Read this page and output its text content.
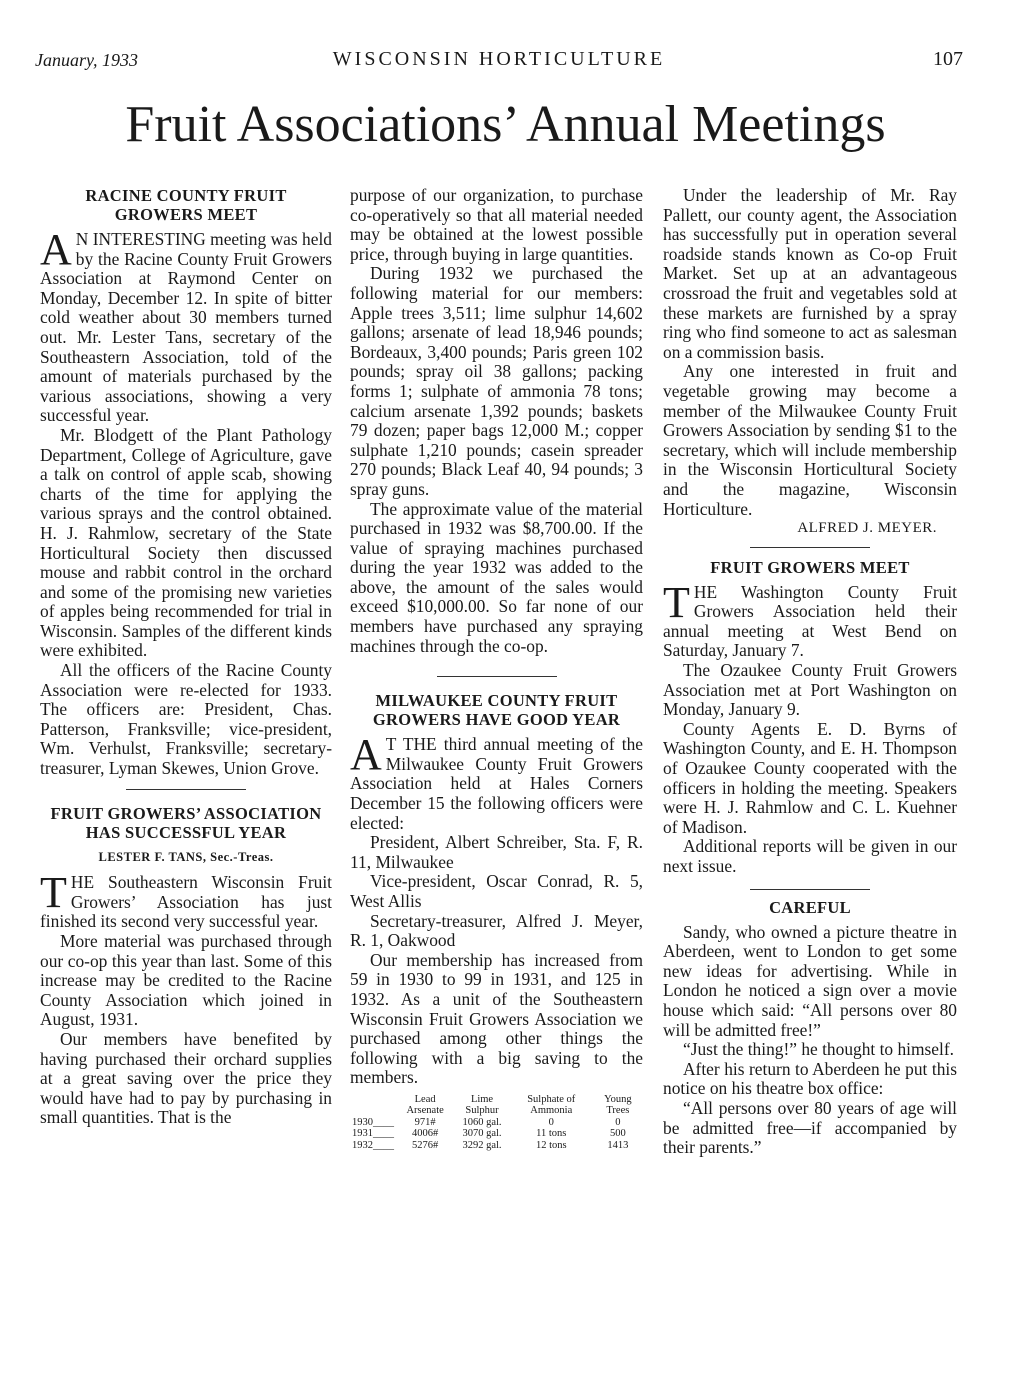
January, 1933	WISCONSIN HORTICULTURE	107
Fruit Associations’ Annual Meetings
RACINE COUNTY FRUIT GROWERS MEET

A N INTERESTING meeting was held by the Racine County Fruit Growers Association at Raymond Center on Monday, December 12. In spite of bitter cold weather about 30 members turned out. Mr. Lester Tans, secretary of the Southeastern Association, told of the amount of materials purchased by the various associations, showing a very successful year.

Mr. Blodgett of the Plant Pathology Department, College of Agriculture, gave a talk on control of apple scab, showing charts of the time for applying the various sprays and the control obtained. H. J. Rahmlow, secretary of the State Horticultural Society then discussed mouse and rabbit control in the orchard and some of the promising new varieties of apples being recommended for trial in Wisconsin. Samples of the different kinds were exhibited.

All the officers of the Racine County Association were re-elected for 1933. The officers are: President, Chas. Patterson, Franksville; vice-president, Wm. Verhulst, Franksville; secretary-treasurer, Lyman Skewes, Union Grove.

FRUIT GROWERS’ ASSOCIATION HAS SUCCESSFUL YEAR
LESTER F. TANS, Sec.-Treas.

THE Southeastern Wisconsin Fruit Growers’ Association has just finished its second very successful year.

More material was purchased through our co-op this year than last. Some of this increase may be credited to the Racine County Association which joined in August, 1931.

Our members have benefited by having purchased their orchard supplies at a great saving over the price they would have had to pay by purchasing in small quantities. That is the

purpose of our organization, to purchase co-operatively so that all material needed may be obtained at the lowest possible price, through buying in large quantities.

During 1932 we purchased the following material for our members: Apple trees 3,511; lime sulphur 14,602 gallons; arsenate of lead 18,946 pounds; Bordeaux, 3,400 pounds; Paris green 102 pounds; spray oil 38 gallons; packing forms 1; sulphate of ammonia 78 tons; calcium arsenate 1,392 pounds; baskets 79 dozen; paper bags 12,000 M.; copper sulphate 1,210 pounds; casein spreader 270 pounds; Black Leaf 40, 94 pounds; 3 spray guns.

The approximate value of the material purchased in 1932 was $8,700.00. If the value of spraying machines purchased during the year 1932 was added to the above, the amount of the sales would exceed $10,000.00. So far none of our members have purchased any spraying machines through the co-op.

MILWAUKEE COUNTY FRUIT GROWERS HAVE GOOD YEAR

A T THE third annual meeting of the Milwaukee County Fruit Growers Association held at Hales Corners December 15 the following officers were elected:

President, Albert Schreiber, Sta. F, R. 11, Milwaukee

Vice-president, Oscar Conrad, R. 5, West Allis

Secretary-treasurer, Alfred J. Meyer, R. 1, Oakwood

Our membership has increased from 59 in 1930 to 99 in 1931, and 125 in 1932. As a unit of the Southeastern Wisconsin Fruit Growers Association we purchased among other things the following with a big saving to the members.

	Lead Arsenate	Lime Sulphur	Sulphate of Ammonia	Young Trees
1930____	971#	1060 gal.	0	0
1931____	4006#	3070 gal.	11 tons	500
1932____	5276#	3292 gal.	12 tons	1413

Under the leadership of Mr. Ray Pallett, our county agent, the Association has successfully put in operation several roadside stands known as Co-op Fruit Market. Set up at an advantageous crossroad the fruit and vegetables sold at these markets are furnished by a spray ring who find someone to act as salesman on a commission basis.

Any one interested in fruit and vegetable growing may become a member of the Milwaukee County Fruit Growers Association by sending $1 to the secretary, which will include membership in the Wisconsin Horticultural Society and the magazine, Wisconsin Horticulture.

ALFRED J. MEYER.
FRUIT GROWERS MEET

THE Washington County Fruit Growers Association held their annual meeting at West Bend on Saturday, January 7.

The Ozaukee County Fruit Growers Association met at Port Washington on Monday, January 9.

County Agents E. D. Byrns of Washington County, and E. H. Thompson of Ozaukee County cooperated with the officers in holding the meeting. Speakers were H. J. Rahmlow and C. L. Kuehner of Madison.

Additional reports will be given in our next issue.

CAREFUL

Sandy, who owned a picture theatre in Aberdeen, went to London to get some new ideas for advertising. While in London he noticed a sign over a movie house which said: “All persons over 80 will be admitted free!”

“Just the thing!” he thought to himself.

After his return to Aberdeen he put this notice on his theatre box office:

“All persons over 80 years of age will be admitted free—if accompanied by their parents.”
